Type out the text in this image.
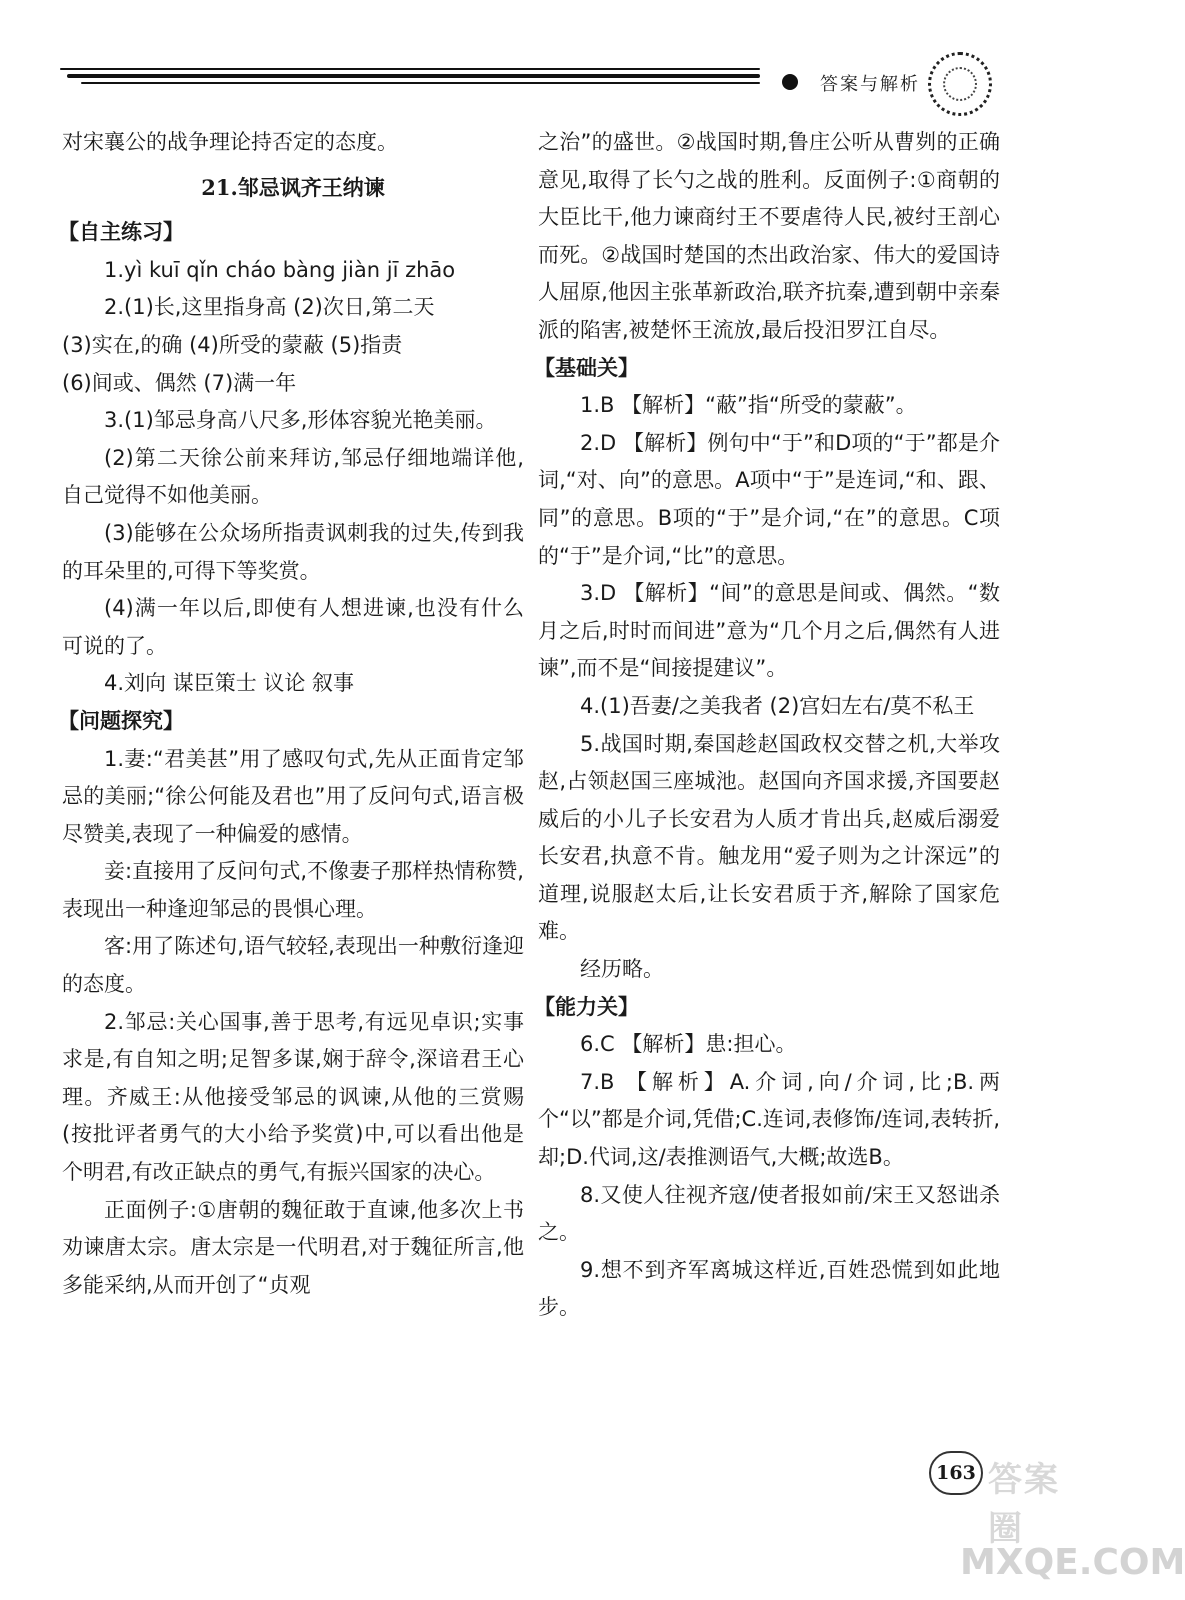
答案与解析

对宋襄公的战争理论持否定的态度。

21.邹忌讽齐王纳谏

【自主练习】

1.yì kuī qǐn cháo bàng jiàn jī zhāo

2.(1)长,这里指身高 (2)次日,第二天

(3)实在,的确 (4)所受的蒙蔽 (5)指责

(6)间或、偶然 (7)满一年

3.(1)邹忌身高八尺多,形体容貌光艳美丽。

(2)第二天徐公前来拜访,邹忌仔细地端详他,自己觉得不如他美丽。

(3)能够在公众场所指责讽刺我的过失,传到我的耳朵里的,可得下等奖赏。

(4)满一年以后,即使有人想进谏,也没有什么可说的了。

4.刘向 谋臣策士 议论 叙事

【问题探究】

1.妻:“君美甚”用了感叹句式,先从正面肯定邹忌的美丽;“徐公何能及君也”用了反问句式,语言极尽赞美,表现了一种偏爱的感情。

妾:直接用了反问句式,不像妻子那样热情称赞,表现出一种逢迎邹忌的畏惧心理。

客:用了陈述句,语气较轻,表现出一种敷衍逢迎的态度。

2.邹忌:关心国事,善于思考,有远见卓识;实事求是,有自知之明;足智多谋,娴于辞令,深谙君王心理。齐威王:从他接受邹忌的讽谏,从他的三赏赐(按批评者勇气的大小给予奖赏)中,可以看出他是个明君,有改正缺点的勇气,有振兴国家的决心。

正面例子:①唐朝的魏征敢于直谏,他多次上书劝谏唐太宗。唐太宗是一代明君,对于魏征所言,他多能采纳,从而开创了“贞观

之治”的盛世。②战国时期,鲁庄公听从曹刿的正确意见,取得了长勺之战的胜利。反面例子:①商朝的大臣比干,他力谏商纣王不要虐待人民,被纣王剖心而死。②战国时楚国的杰出政治家、伟大的爱国诗人屈原,他因主张革新政治,联齐抗秦,遭到朝中亲秦派的陷害,被楚怀王流放,最后投汨罗江自尽。

【基础关】

1.B 【解析】“蔽”指“所受的蒙蔽”。

2.D 【解析】例句中“于”和D项的“于”都是介词,“对、向”的意思。A项中“于”是连词,“和、跟、同”的意思。B项的“于”是介词,“在”的意思。C项的“于”是介词,“比”的意思。

3.D 【解析】“间”的意思是间或、偶然。“数月之后,时时而间进”意为“几个月之后,偶然有人进谏”,而不是“间接提建议”。

4.(1)吾妻/之美我者 (2)宫妇左右/莫不私王

5.战国时期,秦国趁赵国政权交替之机,大举攻赵,占领赵国三座城池。赵国向齐国求援,齐国要赵威后的小儿子长安君为人质才肯出兵,赵威后溺爱长安君,执意不肯。触龙用“爱子则为之计深远”的道理,说服赵太后,让长安君质于齐,解除了国家危难。

经历略。

【能力关】

6.C 【解析】患:担心。

7.B 【解析】A.介词,向/介词,比;B.两个“以”都是介词,凭借;C.连词,表修饰/连词,表转折,却;D.代词,这/表推测语气,大概;故选B。

8.又使人往视齐寇/使者报如前/宋王又怒诎杀之。

9.想不到齐军离城这样近,百姓恐慌到如此地步。

163 答案圈
MXQE.COM
